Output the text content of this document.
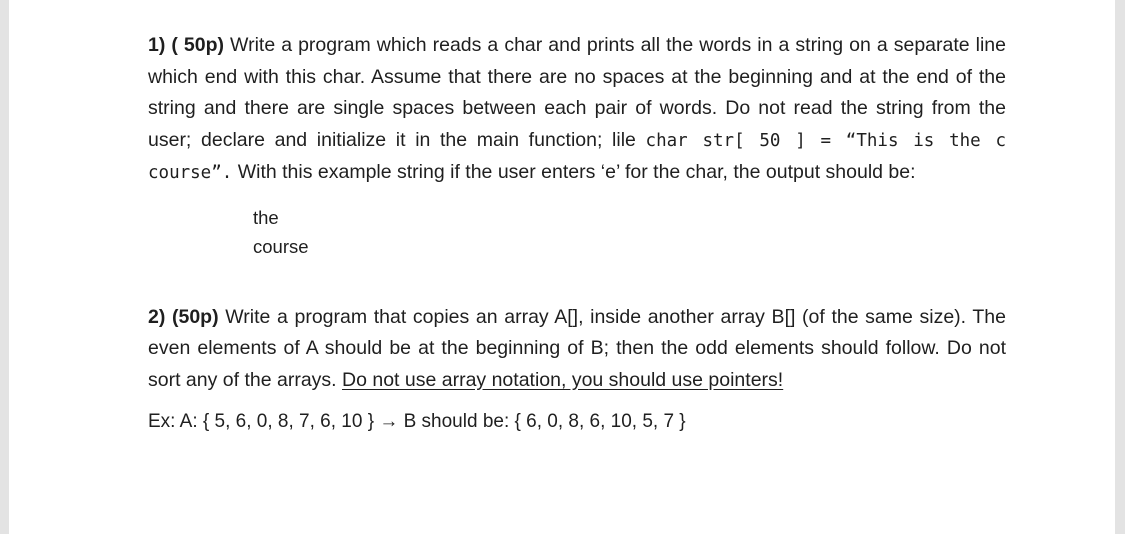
1) ( 50p) Write a program which reads a char and prints all the words in a string on a separate line which end with this char. Assume that there are no spaces at the beginning and at the end of the string and there are single spaces between each pair of words. Do not read the string from the user; declare and initialize it in the main function; lile char str[ 50 ] = “This is the c course”. With this example string if the user enters ‘e’ for the char, the output should be:

the
course

2) (50p) Write a program that copies an array A[], inside another array B[] (of the same size). The even elements of A should be at the beginning of B; then the odd elements should follow. Do not sort any of the arrays. Do not use array notation, you should use pointers!

Ex: A: { 5, 6, 0, 8, 7, 6, 10 } → B should be: { 6, 0, 8, 6, 10, 5, 7 }
